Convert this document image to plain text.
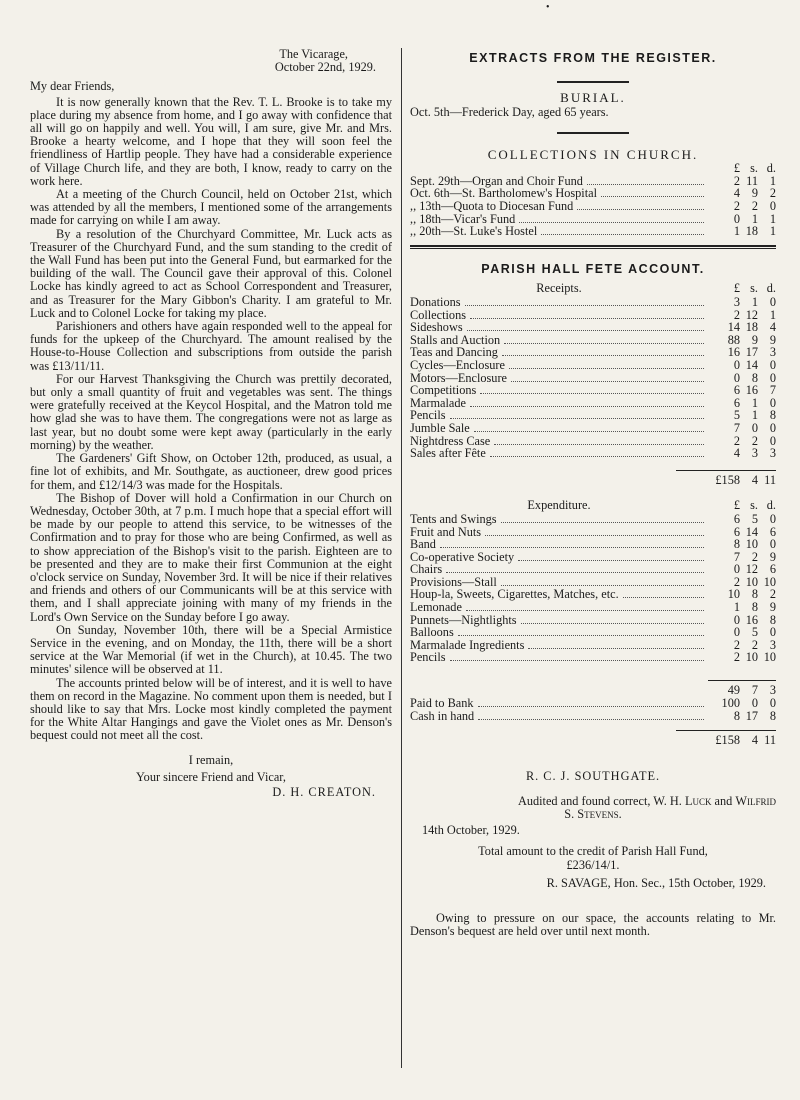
•
The Vicarage,
October 22nd, 1929.
My dear Friends,

It is now generally known that the Rev. T. L. Brooke is to take my place during my absence from home, and I go away with confidence that all will go on happily and well. You will, I am sure, give Mr. and Mrs. Brooke a hearty welcome, and I hope that they will soon feel the friendliness of Hartlip people. They have had a considerable experience of Village Church life, and they are both, I know, ready to carry on the work here.

At a meeting of the Church Council, held on October 21st, which was attended by all the members, I mentioned some of the arrangements made for carrying on while I am away.

By a resolution of the Churchyard Committee, Mr. Luck acts as Treasurer of the Churchyard Fund, and the sum standing to the credit of the Wall Fund has been put into the General Fund, but earmarked for the building of the wall. The Council gave their approval of this. Colonel Locke has kindly agreed to act as School Correspondent and Treasurer, and as Treasurer for the Mary Gibbon's Charity. I am grateful to Mr. Luck and to Colonel Locke for taking my place.

Parishioners and others have again responded well to the appeal for funds for the upkeep of the Churchyard. The amount realised by the House-to-House Collection and subscriptions from outside the parish was £13/11/11.

For our Harvest Thanksgiving the Church was prettily decorated, but only a small quantity of fruit and vegetables was sent. The things were gratefully received at the Keycol Hospital, and the Matron told me how glad she was to have them. The congregations were not as large as last year, but no doubt some were kept away (particularly in the early morning) by the weather.

The Gardeners' Gift Show, on October 12th, produced, as usual, a fine lot of exhibits, and Mr. Southgate, as auctioneer, drew good prices for them, and £12/14/3 was made for the Hospitals.

The Bishop of Dover will hold a Confirmation in our Church on Wednesday, October 30th, at 7 p.m. I much hope that a special effort will be made by our people to attend this service, to be witnesses of the Confirmation and to pray for those who are being Confirmed, as well as to show appreciation of the Bishop's visit to the parish. Eighteen are to be presented and they are to make their first Communion at the eight o'clock service on Sunday, November 3rd. It will be nice if their relatives and friends and others of our Communicants will be at this service with them, and I shall appreciate joining with many of my friends in the Lord's Own Service on the Sunday before I go away.

On Sunday, November 10th, there will be a Special Armistice Service in the evening, and on Monday, the 11th, there will be a short service at the War Memorial (if wet in the Church), at 10.45. The two minutes' silence will be observed at 11.

The accounts printed below will be of interest, and it is well to have them on record in the Magazine. No comment upon them is needed, but I should like to say that Mrs. Locke most kindly completed the payment for the White Altar Hangings and gave the Violet ones as Mr. Denson's bequest could not meet all the cost.

I remain,
Your sincere Friend and Vicar,
D. H. CREATON.
EXTRACTS FROM THE REGISTER.
BURIAL.
Oct. 5th—Frederick Day, aged 65 years.
COLLECTIONS IN CHURCH.
£ s. d.
Sept. 29th—Organ and Choir Fund	2 11 1
Oct. 6th—St. Bartholomew's Hospital	4 9 2
,, 13th—Quota to Diocesan Fund	2 2 0
,, 18th—Vicar's Fund	0 1 1
,, 20th—St. Luke's Hostel	1 18 1
PARISH HALL FETE ACCOUNT.
Receipts.	£ s. d.
Donations	3 1 0
Collections	2 12 1
Sideshows	14 18 4
Stalls and Auction	88 9 9
Teas and Dancing	16 17 3
Cycles—Enclosure	0 14 0
Motors—Enclosure	0 8 0
Competitions	6 16 7
Marmalade	6 1 0
Pencils	5 1 8
Jumble Sale	7 0 0
Nightdress Case	2 2 0
Sales after Fête	4 3 3
£158 4 11
Expenditure.	£ s. d.
Tents and Swings	6 5 0
Fruit and Nuts	6 14 6
Band	8 10 0
Co-operative Society	7 2 9
Chairs	0 12 6
Provisions—Stall	2 10 10
Houp-la, Sweets, Cigarettes, Matches, etc.	10 8 2
Lemonade	1 8 9
Punnets—Nightlights	0 16 8
Balloons	0 5 0
Marmalade Ingredients	2 2 3
Pencils	2 10 10
49 7 3
Paid to Bank	100 0 0
Cash in hand	8 17 8
£158 4 11
R. C. J. SOUTHGATE.
Audited and found correct, W. H. Luck and Wilfrid
S. Stevens.
14th October, 1929.
Total amount to the credit of Parish Hall Fund,
£236/14/1.
R. SAVAGE, Hon. Sec., 15th October, 1929.

Owing to pressure on our space, the accounts relating to Mr. Denson's bequest are held over until next month.
